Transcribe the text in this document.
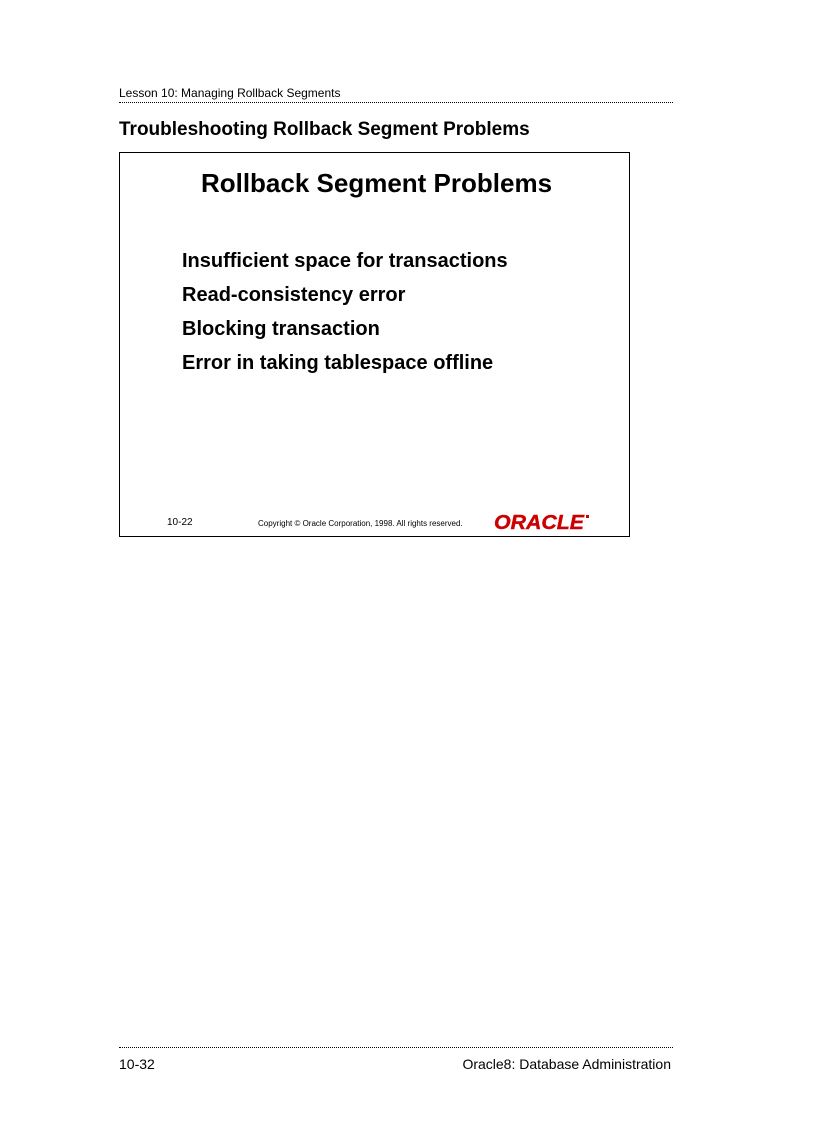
Lesson 10: Managing Rollback Segments
Troubleshooting Rollback Segment Problems
Rollback Segment Problems
Insufficient space for transactions
Read-consistency error
Blocking transaction
Error in taking tablespace offline
10-22	Copyright © Oracle Corporation, 1998. All rights reserved. ORACLE
10-32	Oracle8: Database Administration
